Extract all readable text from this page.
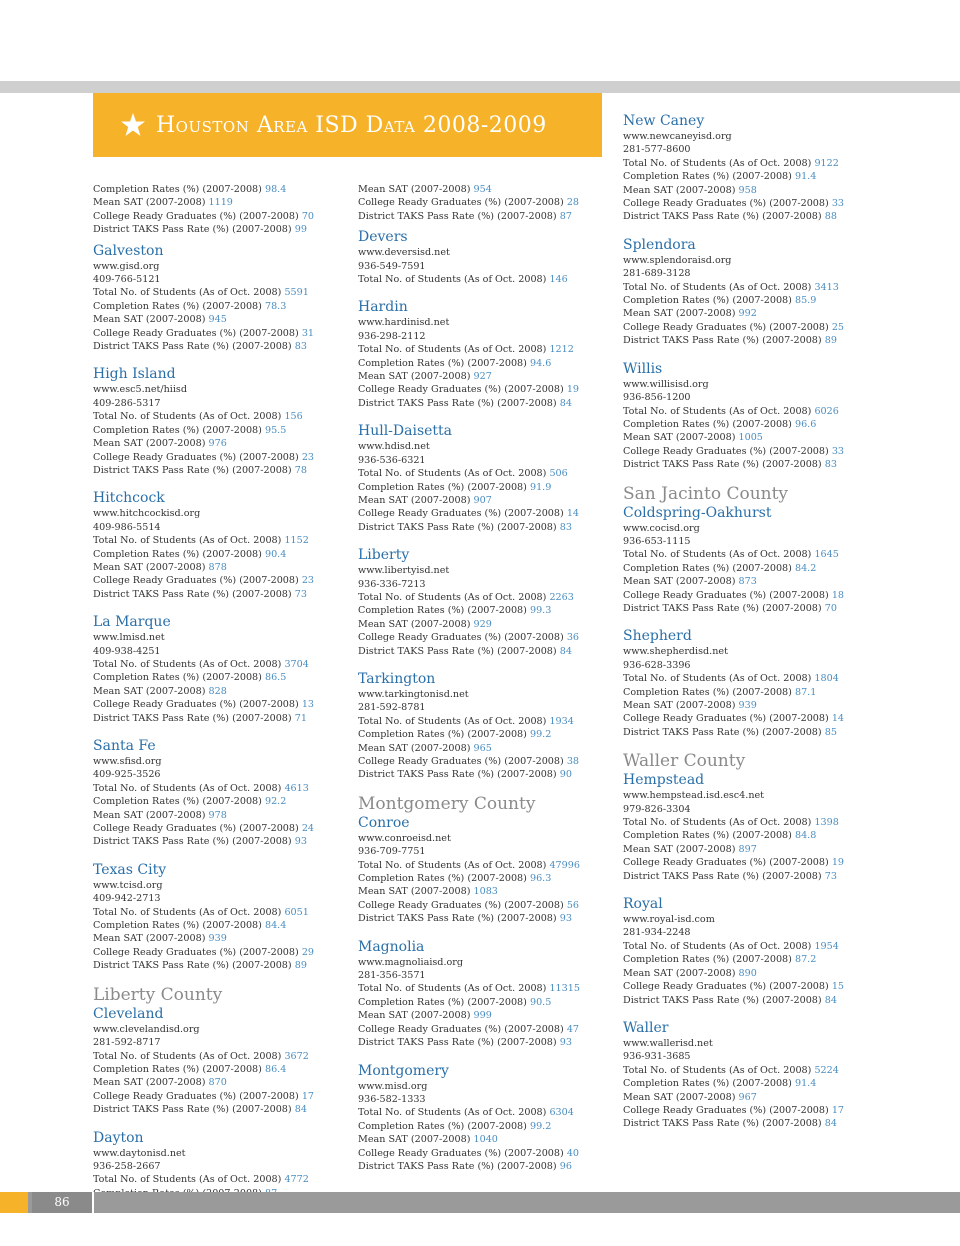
Houston Area ISD Data 2008-2009
Completion Rates (%) (2007-2008) 98.4
Mean SAT (2007-2008) 1119
College Ready Graduates (%) (2007-2008) 70
District TAKS Pass Rate (%) (2007-2008) 99
Galveston
www.gisd.org
409-766-5121
Total No. of Students (As of Oct. 2008) 5591
Completion Rates (%) (2007-2008) 78.3
Mean SAT (2007-2008) 945
College Ready Graduates (%) (2007-2008) 31
District TAKS Pass Rate (%) (2007-2008) 83
High Island
www.esc5.net/hiisd
409-286-5317
Total No. of Students (As of Oct. 2008) 156
Completion Rates (%) (2007-2008) 95.5
Mean SAT (2007-2008) 976
College Ready Graduates (%) (2007-2008) 23
District TAKS Pass Rate (%) (2007-2008) 78
Hitchcock
www.hitchcockisd.org
409-986-5514
Total No. of Students (As of Oct. 2008) 1152
Completion Rates (%) (2007-2008) 90.4
Mean SAT (2007-2008) 878
College Ready Graduates (%) (2007-2008) 23
District TAKS Pass Rate (%) (2007-2008) 73
La Marque
www.lmisd.net
409-938-4251
Total No. of Students (As of Oct. 2008) 3704
Completion Rates (%) (2007-2008) 86.5
Mean SAT (2007-2008) 828
College Ready Graduates (%) (2007-2008) 13
District TAKS Pass Rate (%) (2007-2008) 71
Santa Fe
www.sfisd.org
409-925-3526
Total No. of Students (As of Oct. 2008) 4613
Completion Rates (%) (2007-2008) 92.2
Mean SAT (2007-2008) 978
College Ready Graduates (%) (2007-2008) 24
District TAKS Pass Rate (%) (2007-2008) 93
Texas City
www.tcisd.org
409-942-2713
Total No. of Students (As of Oct. 2008) 6051
Completion Rates (%) (2007-2008) 84.4
Mean SAT (2007-2008) 939
College Ready Graduates (%) (2007-2008) 29
District TAKS Pass Rate (%) (2007-2008) 89
Liberty County
Cleveland
www.clevelandisd.org
281-592-8717
Total No. of Students (As of Oct. 2008) 3672
Completion Rates (%) (2007-2008) 86.4
Mean SAT (2007-2008) 870
College Ready Graduates (%) (2007-2008) 17
District TAKS Pass Rate (%) (2007-2008) 84
Dayton
www.daytonisd.net
936-258-2667
Total No. of Students (As of Oct. 2008) 4772
Mean SAT (2007-2008) 954
College Ready Graduates (%) (2007-2008) 28
District TAKS Pass Rate (%) (2007-2008) 87
Devers
www.deversisd.net
936-549-7591
Total No. of Students (As of Oct. 2008) 146
Hardin
www.hardinisd.net
936-298-2112
Total No. of Students (As of Oct. 2008) 1212
Completion Rates (%) (2007-2008) 94.6
Mean SAT (2007-2008) 927
College Ready Graduates (%) (2007-2008) 19
District TAKS Pass Rate (%) (2007-2008) 84
Hull-Daisetta
www.hdisd.net
936-536-6321
Total No. of Students (As of Oct. 2008) 506
Completion Rates (%) (2007-2008) 91.9
Mean SAT (2007-2008) 907
College Ready Graduates (%) (2007-2008) 14
District TAKS Pass Rate (%) (2007-2008) 83
Liberty
www.libertyisd.net
936-336-7213
Total No. of Students (As of Oct. 2008) 2263
Completion Rates (%) (2007-2008) 99.3
Mean SAT (2007-2008) 929
College Ready Graduates (%) (2007-2008) 36
District TAKS Pass Rate (%) (2007-2008) 84
Tarkington
www.tarkingtonisd.net
281-592-8781
Total No. of Students (As of Oct. 2008) 1934
Completion Rates (%) (2007-2008) 99.2
Mean SAT (2007-2008) 965
College Ready Graduates (%) (2007-2008) 38
District TAKS Pass Rate (%) (2007-2008) 90
Montgomery County
Conroe
www.conroeisd.net
936-709-7751
Total No. of Students (As of Oct. 2008) 47996
Completion Rates (%) (2007-2008) 96.3
Mean SAT (2007-2008) 1083
College Ready Graduates (%) (2007-2008) 56
District TAKS Pass Rate (%) (2007-2008) 93
Magnolia
www.magnoliaisd.org
281-356-3571
Total No. of Students (As of Oct. 2008) 11315
Completion Rates (%) (2007-2008) 90.5
Mean SAT (2007-2008) 999
College Ready Graduates (%) (2007-2008) 47
District TAKS Pass Rate (%) (2007-2008) 93
Montgomery
www.misd.org
936-582-1333
Total No. of Students (As of Oct. 2008) 6304
Completion Rates (%) (2007-2008) 99.2
Mean SAT (2007-2008) 1040
College Ready Graduates (%) (2007-2008) 40
District TAKS Pass Rate (%) (2007-2008) 96
New Caney
www.newcaneyisd.org
281-577-8600
Total No. of Students (As of Oct. 2008) 9122
Completion Rates (%) (2007-2008) 91.4
Mean SAT (2007-2008) 958
College Ready Graduates (%) (2007-2008) 33
District TAKS Pass Rate (%) (2007-2008) 88
Splendora
www.splendoraisd.org
281-689-3128
Total No. of Students (As of Oct. 2008) 3413
Completion Rates (%) (2007-2008) 85.9
Mean SAT (2007-2008) 992
College Ready Graduates (%) (2007-2008) 25
District TAKS Pass Rate (%) (2007-2008) 89
Willis
www.willisisd.org
936-856-1200
Total No. of Students (As of Oct. 2008) 6026
Completion Rates (%) (2007-2008) 96.6
Mean SAT (2007-2008) 1005
College Ready Graduates (%) (2007-2008) 33
District TAKS Pass Rate (%) (2007-2008) 83
San Jacinto County
Coldspring-Oakhurst
www.cocisd.org
936-653-1115
Total No. of Students (As of Oct. 2008) 1645
Completion Rates (%) (2007-2008) 84.2
Mean SAT (2007-2008) 873
College Ready Graduates (%) (2007-2008) 18
District TAKS Pass Rate (%) (2007-2008) 70
Shepherd
www.shepherdisd.net
936-628-3396
Total No. of Students (As of Oct. 2008) 1804
Completion Rates (%) (2007-2008) 87.1
Mean SAT (2007-2008) 939
College Ready Graduates (%) (2007-2008) 14
District TAKS Pass Rate (%) (2007-2008) 85
Waller County
Hempstead
www.hempstead.isd.esc4.net
979-826-3304
Total No. of Students (As of Oct. 2008) 1398
Completion Rates (%) (2007-2008) 84.8
Mean SAT (2007-2008) 897
College Ready Graduates (%) (2007-2008) 19
District TAKS Pass Rate (%) (2007-2008) 73
Royal
www.royal-isd.com
281-934-2248
Total No. of Students (As of Oct. 2008) 1954
Completion Rates (%) (2007-2008) 87.2
Mean SAT (2007-2008) 890
College Ready Graduates (%) (2007-2008) 15
District TAKS Pass Rate (%) (2007-2008) 84
Waller
www.wallerisd.net
936-931-3685
Total No. of Students (As of Oct. 2008) 5224
Completion Rates (%) (2007-2008) 91.4
Mean SAT (2007-2008) 967
College Ready Graduates (%) (2007-2008) 17
District TAKS Pass Rate (%) (2007-2008) 84
86
